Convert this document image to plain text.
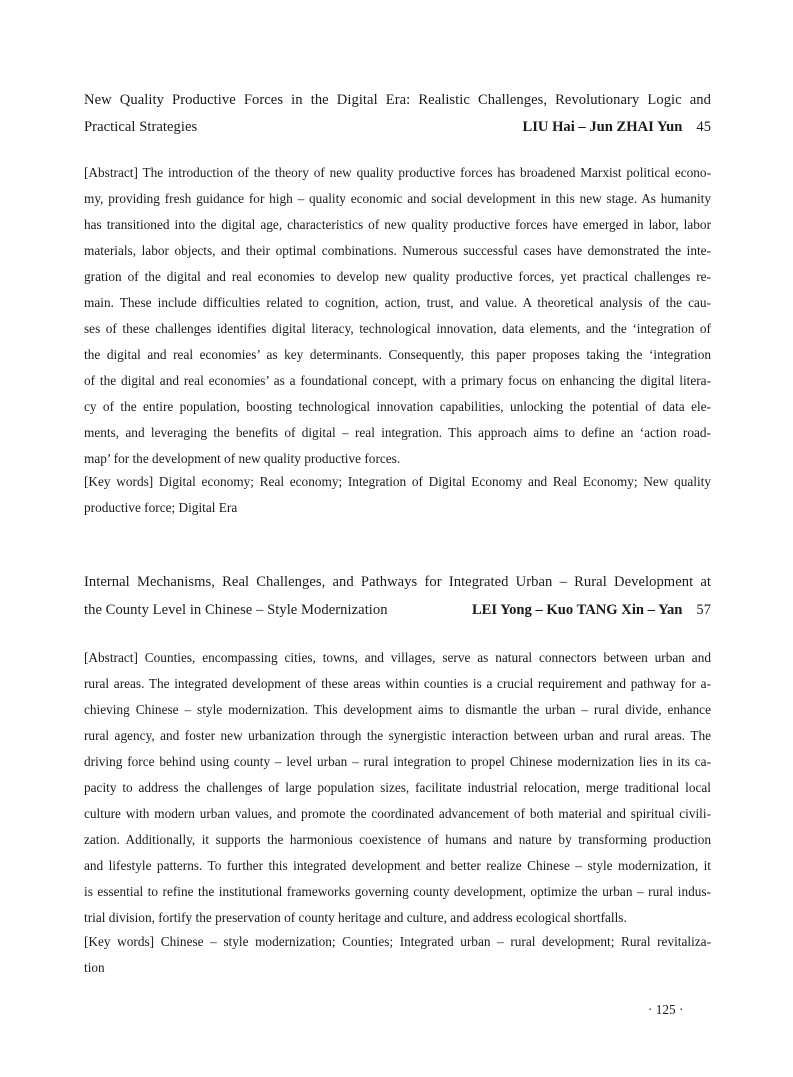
New Quality Productive Forces in the Digital Era: Realistic Challenges, Revolutionary Logic and
Practical Strategies	LIU Hai – Jun ZHAI Yun 45
[Abstract] The introduction of the theory of new quality productive forces has broadened Marxist political econo-
my, providing fresh guidance for high – quality economic and social development in this new stage. As humanity
has transitioned into the digital age, characteristics of new quality productive forces have emerged in labor, labor
materials, labor objects, and their optimal combinations. Numerous successful cases have demonstrated the inte-
gration of the digital and real economies to develop new quality productive forces, yet practical challenges re-
main. These include difficulties related to cognition, action, trust, and value. A theoretical analysis of the cau-
ses of these challenges identifies digital literacy, technological innovation, data elements, and the ‘integration of
the digital and real economies’ as key determinants. Consequently, this paper proposes taking the ‘integration
of the digital and real economies’ as a foundational concept, with a primary focus on enhancing the digital litera-
cy of the entire population, boosting technological innovation capabilities, unlocking the potential of data ele-
ments, and leveraging the benefits of digital – real integration. This approach aims to define an ‘action road-
map’ for the development of new quality productive forces.
[Key words] Digital economy; Real economy; Integration of Digital Economy and Real Economy; New quality
productive force; Digital Era
Internal Mechanisms, Real Challenges, and Pathways for Integrated Urban – Rural Development at
the County Level in Chinese – Style Modernization	LEI Yong – Kuo TANG Xin – Yan 57
[Abstract] Counties, encompassing cities, towns, and villages, serve as natural connectors between urban and
rural areas. The integrated development of these areas within counties is a crucial requirement and pathway for a-
chieving Chinese – style modernization. This development aims to dismantle the urban – rural divide, enhance
rural agency, and foster new urbanization through the synergistic interaction between urban and rural areas. The
driving force behind using county – level urban – rural integration to propel Chinese modernization lies in its ca-
pacity to address the challenges of large population sizes, facilitate industrial relocation, merge traditional local
culture with modern urban values, and promote the coordinated advancement of both material and spiritual civili-
zation. Additionally, it supports the harmonious coexistence of humans and nature by transforming production
and lifestyle patterns. To further this integrated development and better realize Chinese – style modernization, it
is essential to refine the institutional frameworks governing county development, optimize the urban – rural indus-
trial division, fortify the preservation of county heritage and culture, and address ecological shortfalls.
[Key words] Chinese – style modernization; Counties; Integrated urban – rural development; Rural revitaliza-
tion
· 125 ·
